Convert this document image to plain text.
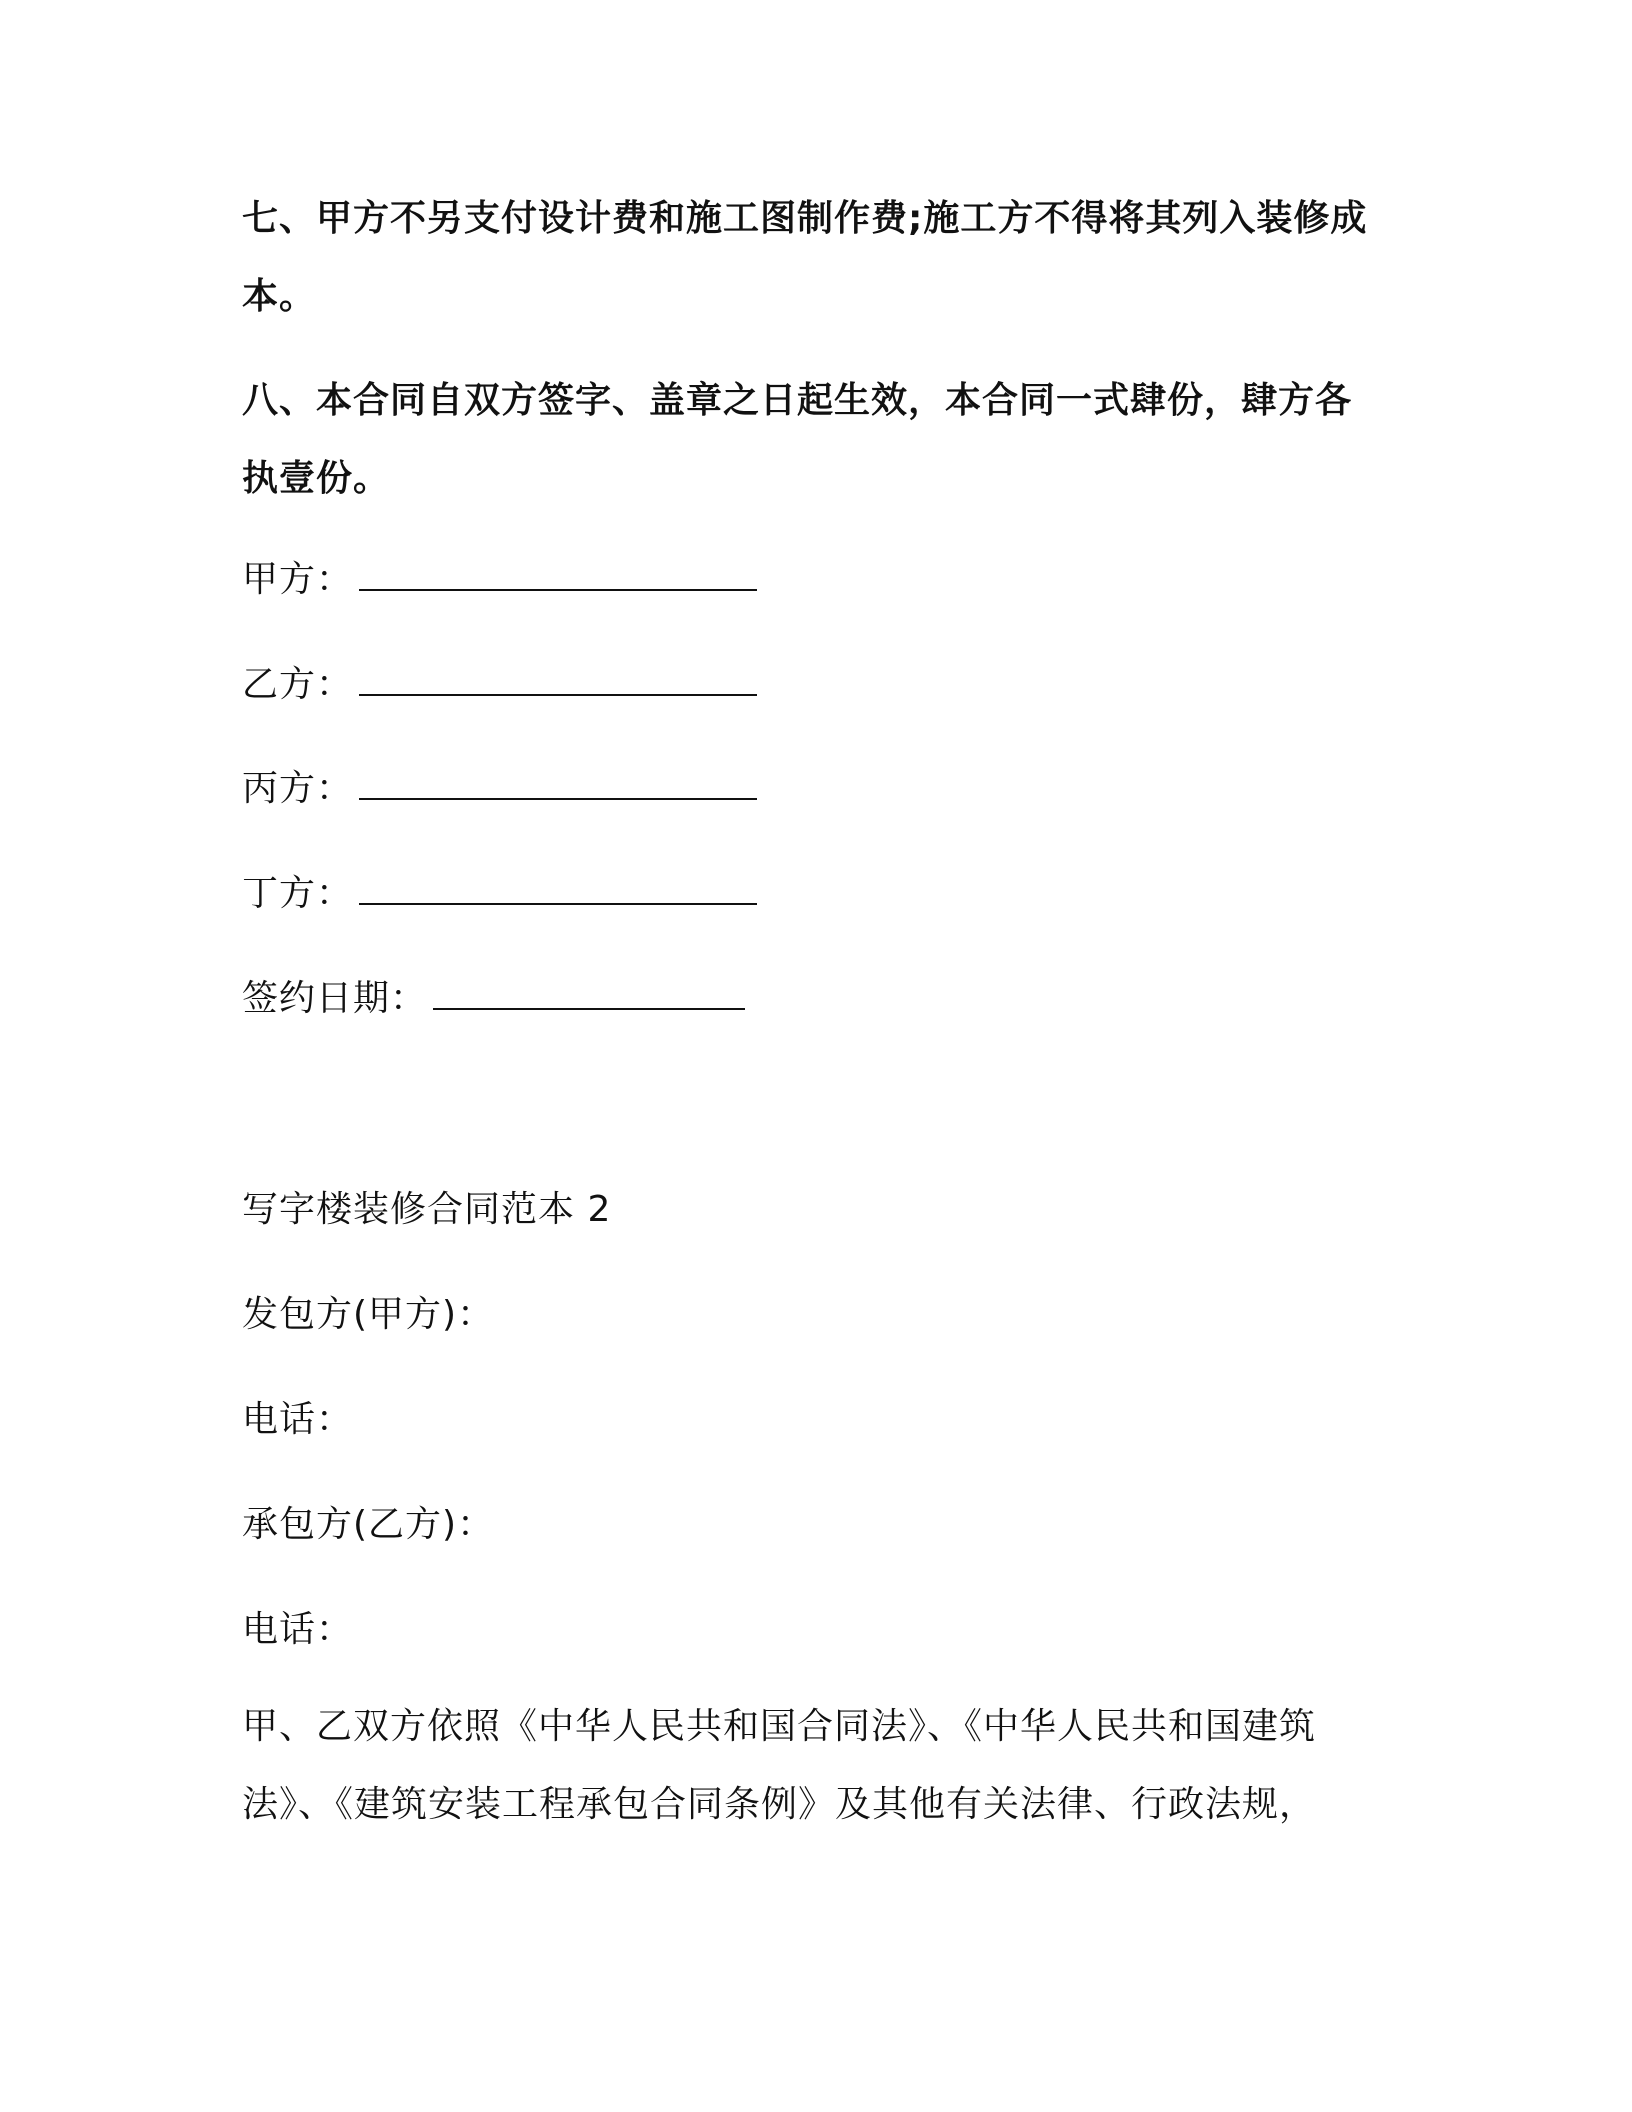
七、甲方不另支付设计费和施工图制作费;施工方不得将其列入装修成
本。
八、本合同自双方签字、盖章之日起生效，本合同一式肆份，肆方各
执壹份。
甲方：
乙方：
丙方：
丁方：
签约日期：
写字楼装修合同范本 2
发包方(甲方)：
电话：
承包方(乙方)：
电话：
甲、乙双方依照《中华人民共和国合同法》、《中华人民共和国建筑
法》、《建筑安装工程承包合同条例》及其他有关法律、行政法规，
